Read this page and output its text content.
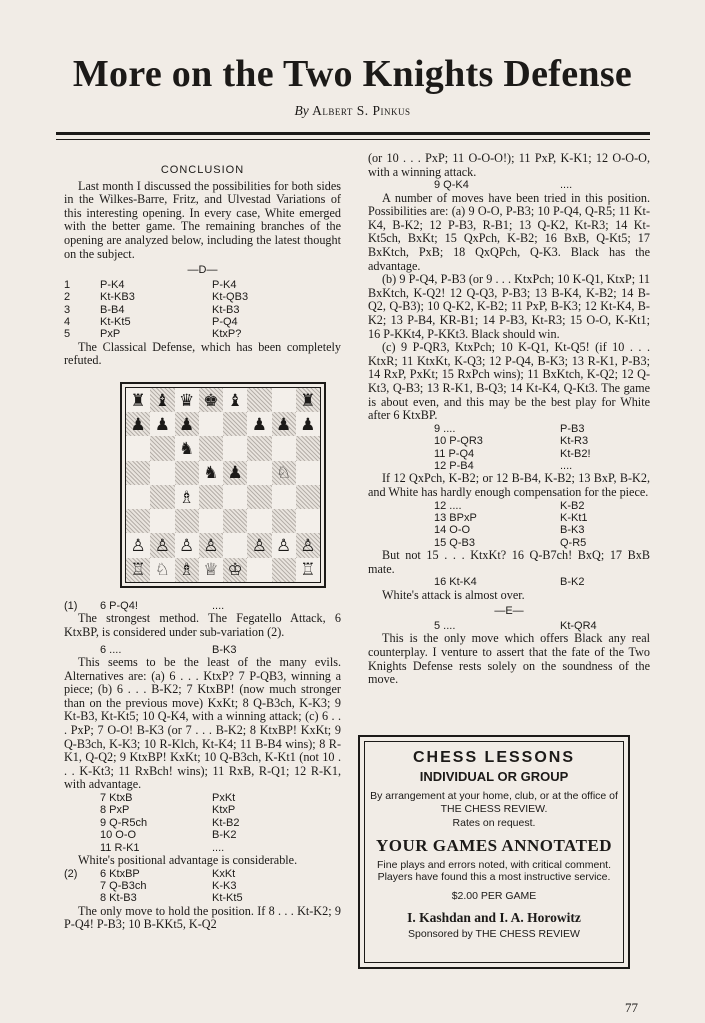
More on the Two Knights Defense
By Albert S. Pinkus
CONCLUSION

Last month I discussed the possibilities for both sides in the Wilkes-Barre, Fritz, and Ulvestad Variations of this interesting opening. In every case, White emerged with the better game. The remaining branches of the opening are analyzed below, including the latest thought on the subject.

—D—
1	P-K4	P-K4
2	Kt-KB3	Kt-QB3
3	B-B4	Kt-B3
4	Kt-Kt5	P-Q4
5	PxP	KtxP?

The Classical Defense, which has been completely refuted.

♜ ♝ ♛ ♚ ♝	♜
♟ ♟ ♟	♟ ♟ ♟
♞
♞ ♟ ♘
♗
♙ ♙ ♙ ♙ ♙ ♙ ♙
♖ ♘ ♗ ♕ ♔	♖
(1)	6 P-Q4!	....

The strongest method. The Fegatello Attack, 6 KtxBP, is considered under sub-variation (2).

6 ....	B-K3

This seems to be the least of the many evils. Alternatives are: (a) 6 . . . KtxP? 7 P-QB3, winning a piece; (b) 6 . . . B-K2; 7 KtxBP! (now much stronger than on the previous move) KxKt; 8 Q-B3ch, K-K3; 9 Kt-B3, Kt-Kt5; 10 Q-K4, with a winning attack; (c) 6 . . . PxP; 7 O-O! B-K3 (or 7 . . . B-K2; 8 KtxBP! KxKt; 9 Q-B3ch, K-K3; 10 R-Klch, Kt-K4; 11 B-B4 wins); 8 R-K1, Q-Q2; 9 KtxBP! KxKt; 10 Q-B3ch, K-Kt1 (not 10 . . . K-Kt3; 11 RxBch! wins); 11 RxB, R-Q1; 12 R-K1, with advantage.

7 KtxB	PxKt
8 PxP	KtxP
9 Q-R5ch	Kt-B2
10 O-O	B-K2
11 R-K1	....

White's positional advantage is considerable.

(2)	6 KtxBP	KxKt
7 Q-B3ch	K-K3
8 Kt-B3	Kt-Kt5

The only move to hold the position. If 8 . . . Kt-K2; 9 P-Q4! P-B3; 10 B-KKt5, K-Q2

(or 10 . . . PxP; 11 O-O-O!); 11 PxP, K-K1; 12 O-O-O, with a winning attack.

9 Q-K4	....

A number of moves have been tried in this position. Possibilities are: (a) 9 O-O, P-B3; 10 P-Q4, Q-R5; 11 Kt-K4, B-K2; 12 P-B3, R-B1; 13 Q-K2, Kt-R3; 14 Kt-Kt5ch, BxKt; 15 QxPch, K-B2; 16 BxB, Q-Kt5; 17 BxKtch, PxB; 18 QxQPch, Q-K3. Black has the advantage.

(b) 9 P-Q4, P-B3 (or 9 . . . KtxPch; 10 K-Q1, KtxP; 11 BxKtch, K-Q2! 12 Q-Q3, P-B3; 13 B-K4, K-B2; 14 B-Q2, Q-B3); 10 Q-K2, K-B2; 11 PxP, B-K3; 12 Kt-K4, B-K2; 13 P-B4, KR-B1; 14 P-B3, Kt-R3; 15 O-O, K-Kt1; 16 P-KKt4, P-KKt3. Black should win.

(c) 9 P-QR3, KtxPch; 10 K-Q1, Kt-Q5! (if 10 . . . KtxR; 11 KtxKt, K-Q3; 12 P-Q4, B-K3; 13 R-K1, P-B3; 14 RxP, PxKt; 15 RxPch wins); 11 BxKtch, K-Q2; 12 Q-Kt3, Q-B3; 13 R-K1, B-Q3; 14 Kt-K4, Q-Kt3. The game is about even, and this may be the best play for White after 6 KtxBP.

9 ....	P-B3
10 P-QR3	Kt-R3
11 P-Q4	Kt-B2!
12 P-B4	....

If 12 QxPch, K-B2; or 12 B-B4, K-B2; 13 BxP, B-K2, and White has hardly enough compensation for the piece.

12 ....	K-B2
13 BPxP	K-Kt1
14 O-O	B-K3
15 Q-B3	Q-R5

But not 15 . . . KtxKt? 16 Q-B7ch! BxQ; 17 BxB mate.

16 Kt-K4	B-K2

White's attack is almost over.

—E—
5 ....	Kt-QR4

This is the only move which offers Black any real counterplay. I venture to assert that the fate of the Two Knights Defense rests solely on the soundness of the move.

CHESS LESSONS
INDIVIDUAL OR GROUP
By arrangement at your home, club, or at the office of THE CHESS REVIEW.
Rates on request.
YOUR GAMES ANNOTATED
Fine plays and errors noted, with critical comment. Players have found this a most instructive service.
$2.00 PER GAME
I. Kashdan and I. A. Horowitz
Sponsored by THE CHESS REVIEW
77
